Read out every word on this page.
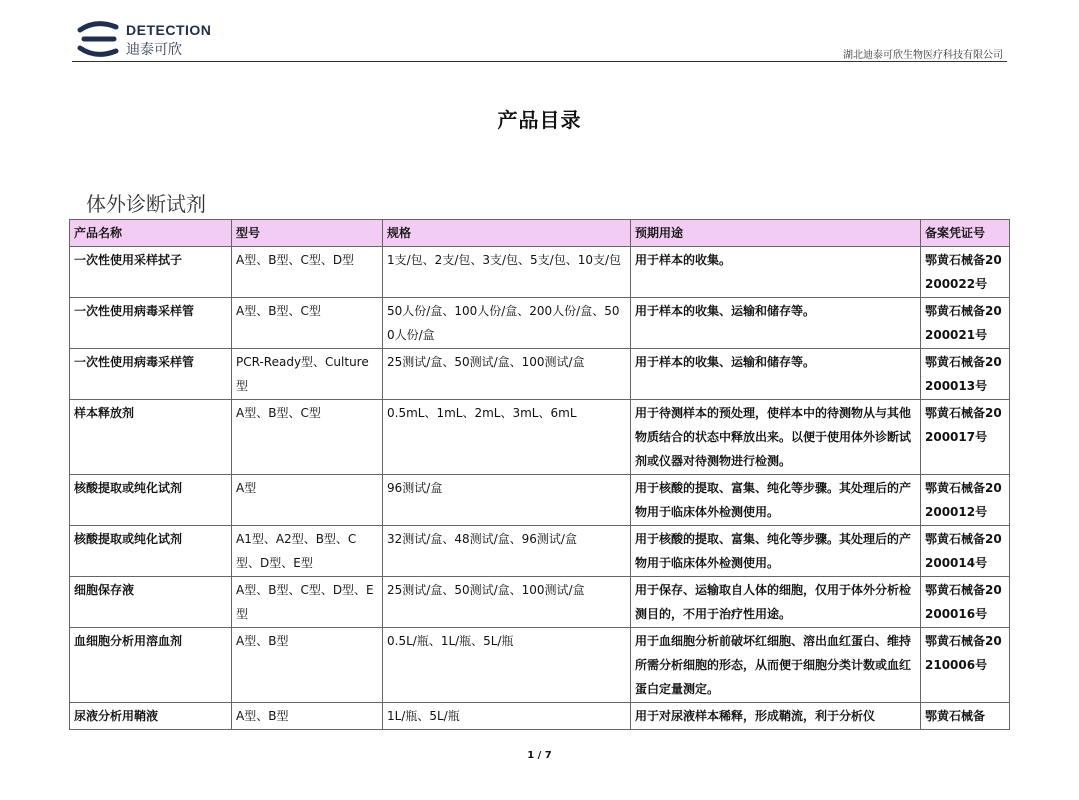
DETECTION
迪泰可欣	湖北迪泰可欣生物医疗科技有限公司
产品目录
体外诊断试剂
产品名称	型号	规格	预期用途	备案凭证号
一次性使用采样拭子	A型、B型、C型、D型	1支/包、2支/包、3支/包、5支/包、10支/包	用于样本的收集。	鄂黄石械备20200022号
一次性使用病毒采样管	A型、B型、C型	50人份/盒、100人份/盒、200人份/盒、500人份/盒	用于样本的收集、运输和储存等。	鄂黄石械备20200021号
一次性使用病毒采样管	PCR-Ready型、Culture型	25测试/盒、50测试/盒、100测试/盒	用于样本的收集、运输和储存等。	鄂黄石械备20200013号
样本释放剂	A型、B型、C型	0.5mL、1mL、2mL、3mL、6mL	用于待测样本的预处理，使样本中的待测物从与其他物质结合的状态中释放出来。以便于使用体外诊断试剂或仪器对待测物进行检测。	鄂黄石械备20200017号
核酸提取或纯化试剂	A型	96测试/盒	用于核酸的提取、富集、纯化等步骤。其处理后的产物用于临床体外检测使用。	鄂黄石械备20200012号
核酸提取或纯化试剂	A1型、A2型、B型、C型、D型、E型	32测试/盒、48测试/盒、96测试/盒	用于核酸的提取、富集、纯化等步骤。其处理后的产物用于临床体外检测使用。	鄂黄石械备20200014号
细胞保存液	A型、B型、C型、D型、E型	25测试/盒、50测试/盒、100测试/盒	用于保存、运输取自人体的细胞，仅用于体外分析检测目的，不用于治疗性用途。	鄂黄石械备20200016号
血细胞分析用溶血剂	A型、B型	0.5L/瓶、1L/瓶、5L/瓶	用于血细胞分析前破坏红细胞、溶出血红蛋白、维持所需分析细胞的形态，从而便于细胞分类计数或血红蛋白定量测定。	鄂黄石械备20210006号
尿液分析用鞘液	A型、B型	1L/瓶、5L/瓶	用于对尿液样本稀释，形成鞘流，利于分析仪	鄂黄石械备
1 / 7
